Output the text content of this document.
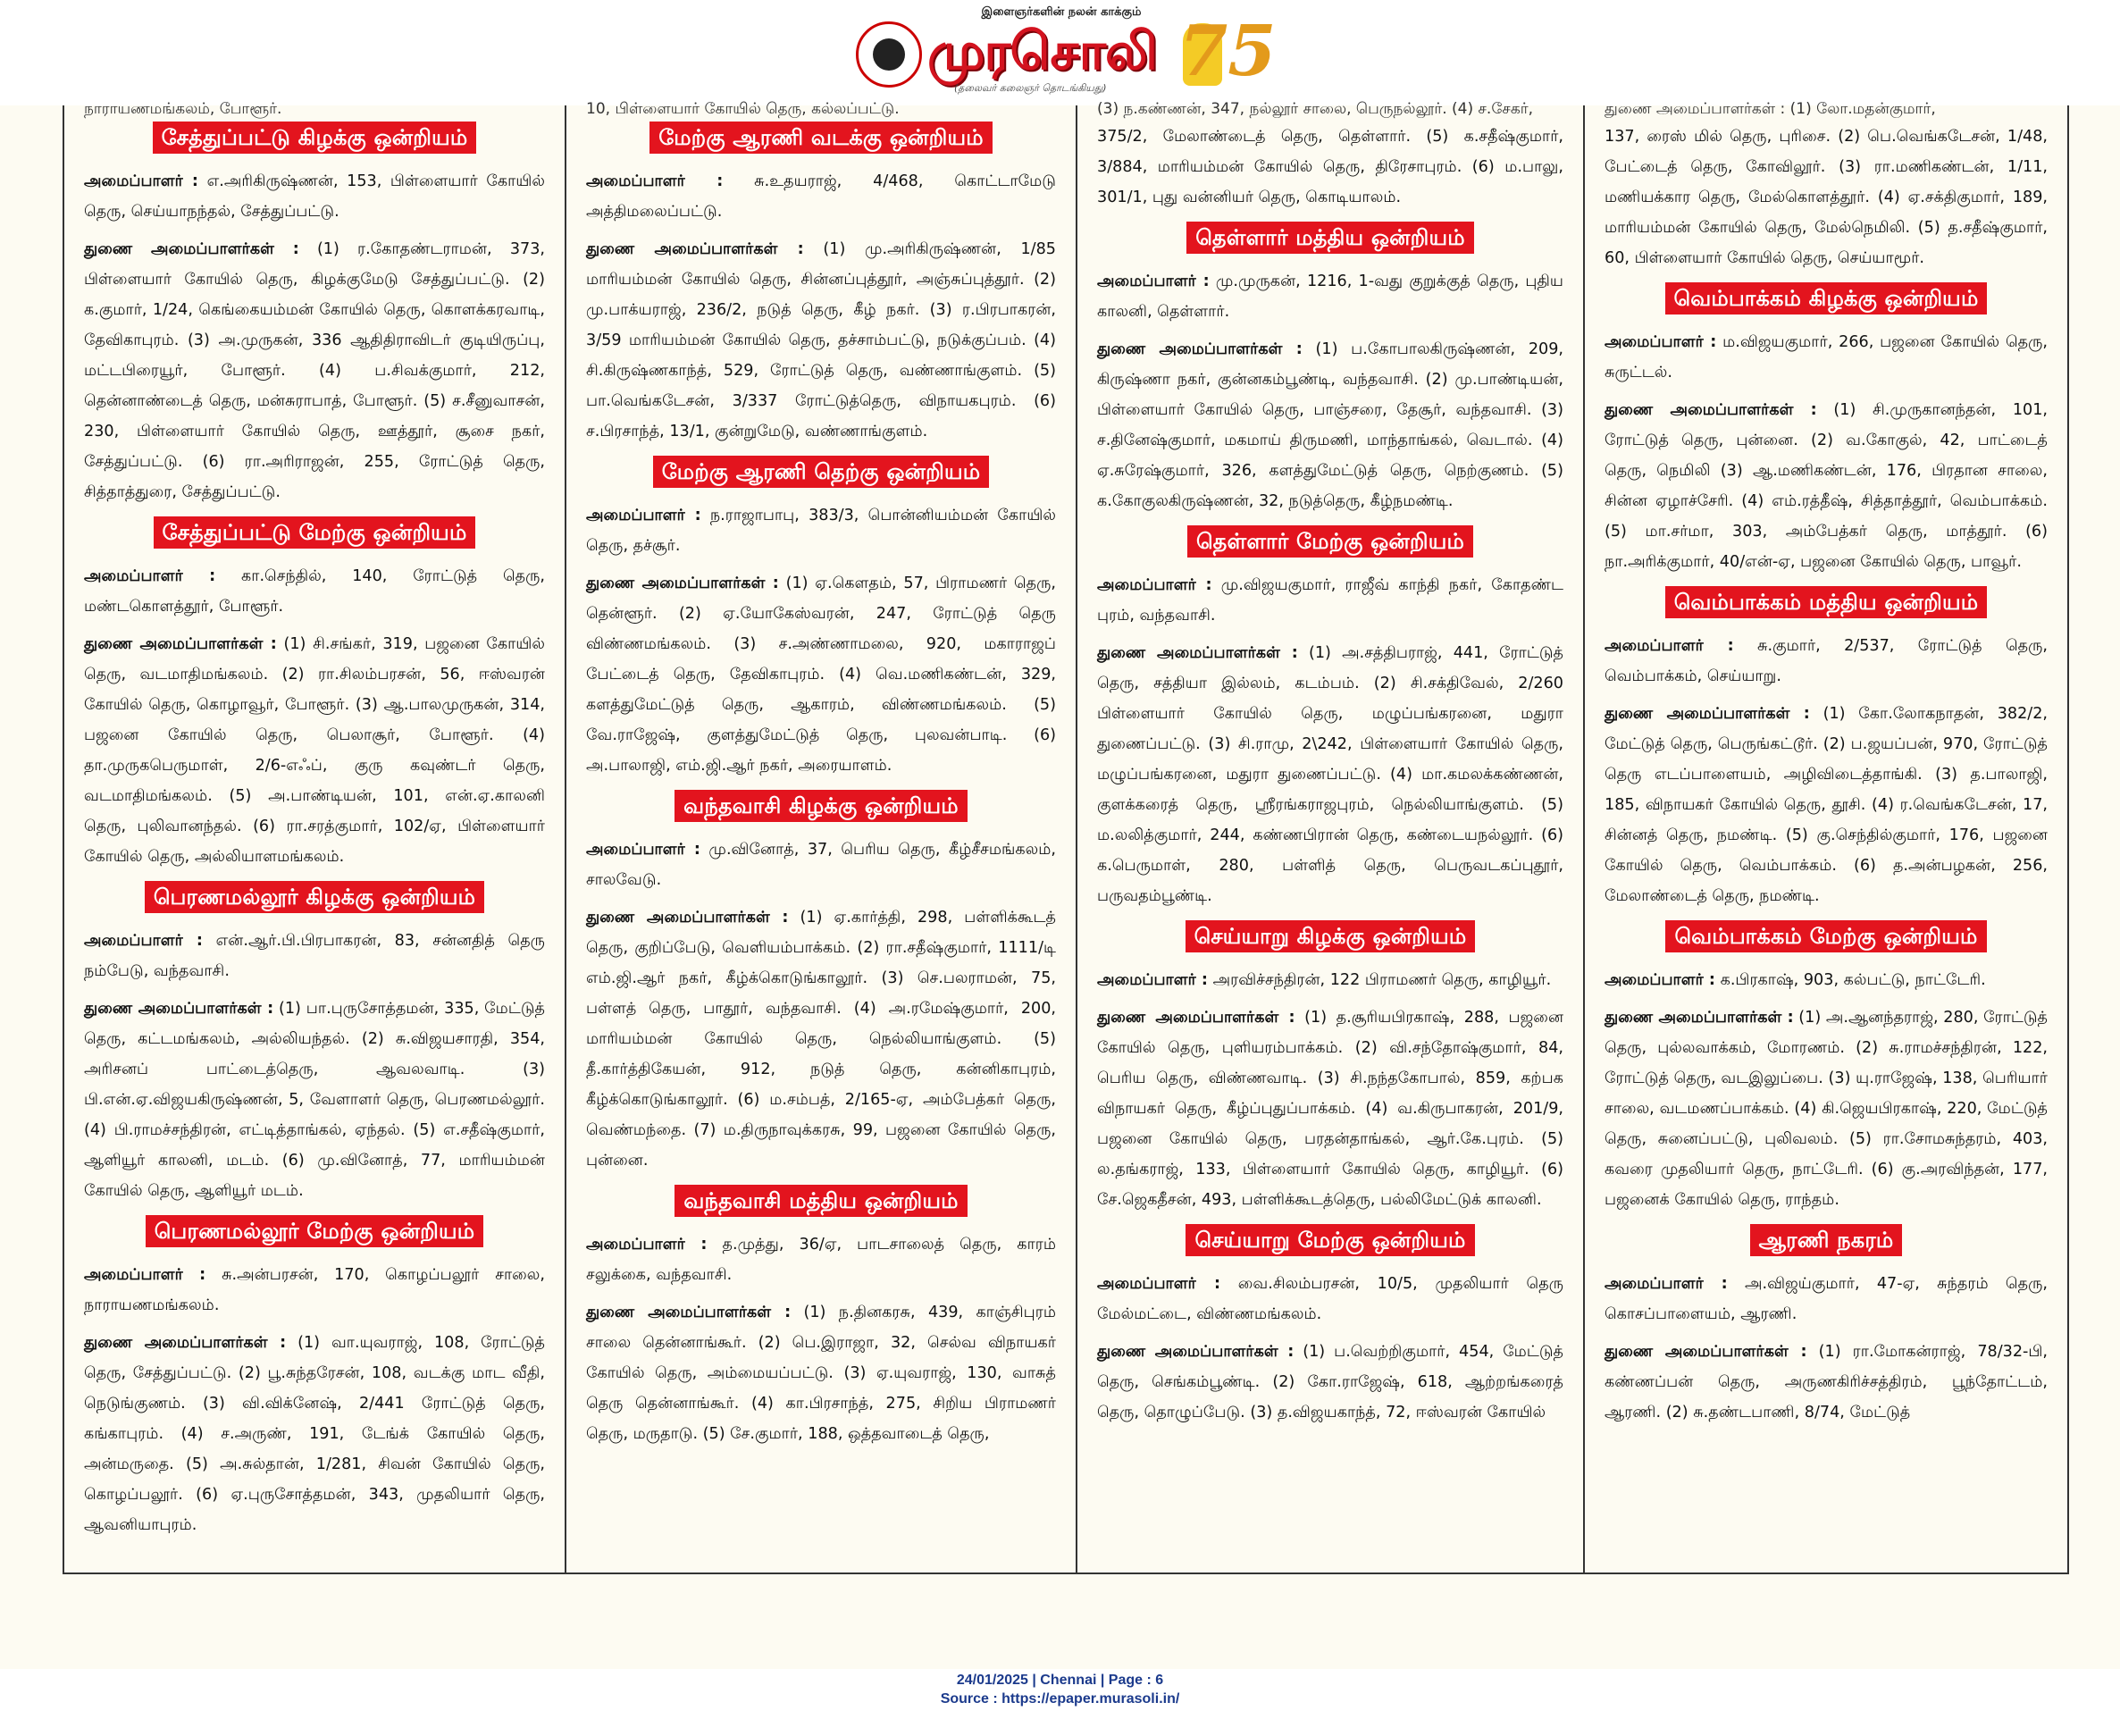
இளைஞர்களின் நலன் காக்கும்
முரசொலி
(தலைவர் கலைஞர் தொடங்கியது) 75
நாராயணமங்கலம், போளூர்.
சேத்துப்பட்டு கிழக்கு ஒன்றியம்

அமைப்பாளர் : எ.அரிகிருஷ்ணன், 153, பிள்ளையார் கோயில் தெரு, செய்யாநந்தல், சேத்துப்பட்டு.

துணை அமைப்பாளர்கள் : (1) ர.கோதண்டராமன், 373, பிள்ளையார் கோயில் தெரு, கிழக்குமேடு சேத்துப்பட்டு. (2) க.குமார், 1/24, கெங்கையம்மன் கோயில் தெரு, கொளக்கரவாடி, தேவிகாபுரம். (3) அ.முருகன், 336 ஆதிதிராவிடர் குடியிருப்பு, மட்டபிரையூர், போளூர். (4) ப.சிவக்குமார், 212, தென்னாண்டைத் தெரு, மன்சுராபாத், போளூர். (5) ச.சீனுவாசன், 230, பிள்ளையார் கோயில் தெரு, ஊத்தூர், சூசை நகர், சேத்துப்பட்டு. (6) ரா.அரிராஜன், 255, ரோட்டுத் தெரு, சித்தாத்துரை, சேத்துப்பட்டு.

சேத்துப்பட்டு மேற்கு ஒன்றியம்

அமைப்பாளர் : கா.செந்தில், 140, ரோட்டுத் தெரு, மண்டகொளத்தூர், போளூர்.

துணை அமைப்பாளர்கள் : (1) சி.சங்கர், 319, பஜனை கோயில் தெரு, வடமாதிமங்கலம். (2) ரா.சிலம்பரசன், 56, ஈஸ்வரன் கோயில் தெரு, கொழாவூர், போளூர். (3) ஆ.பாலமுருகன், 314, பஜனை கோயில் தெரு, பெலாசூர், போளூர். (4) தா.முருகபெருமாள், 2/6-எஃப், குரு கவுண்டர் தெரு, வடமாதிமங்கலம். (5) அ.பாண்டியன், 101, என்.ஏ.காலனி தெரு, புலிவானந்தல். (6) ரா.சரத்குமார், 102/ஏ, பிள்ளையார் கோயில் தெரு, அல்லியாளமங்கலம்.

பெரணமல்லூர் கிழக்கு ஒன்றியம்

அமைப்பாளர் : என்.ஆர்.பி.பிரபாகரன், 83, சன்னதித் தெரு நம்பேடு, வந்தவாசி.

துணை அமைப்பாளர்கள் : (1) பா.புருசோத்தமன், 335, மேட்டுத் தெரு, கட்டமங்கலம், அல்லியந்தல். (2) சு.விஜயசாரதி, 354, அரிசனப் பாட்டைத்தெரு, ஆவலவாடி. (3) பி.என்.ஏ.விஜயகிருஷ்ணன், 5, வேளாளர் தெரு, பெரணமல்லூர். (4) பி.ராமச்சந்திரன், எட்டித்தாங்கல், ஏந்தல். (5) எ.சதீஷ்குமார், ஆளியூர் காலனி, மடம். (6) மு.வினோத், 77, மாரியம்மன் கோயில் தெரு, ஆளியூர் மடம்.

பெரணமல்லூர் மேற்கு ஒன்றியம்

அமைப்பாளர் : சு.அன்பரசன், 170, கொழப்பலூர் சாலை, நாராயணமங்கலம்.

துணை அமைப்பாளர்கள் : (1) வா.யுவராஜ், 108, ரோட்டுத் தெரு, சேத்துப்பட்டு. (2) பூ.சுந்தரேசன், 108, வடக்கு மாட வீதி, நெடுங்குணம். (3) வி.விக்னேஷ், 2/441 ரோட்டுத் தெரு, கங்காபுரம். (4) ச.அருண், 191, டேங்க் கோயில் தெரு, அன்மருதை. (5) அ.சுல்தான், 1/281, சிவன் கோயில் தெரு, கொழப்பலூர். (6) ஏ.புருசோத்தமன், 343, முதலியார் தெரு, ஆவனியாபுரம்.

10, பிள்ளையார் கோயில் தெரு, கல்லப்பட்டு.
மேற்கு ஆரணி வடக்கு ஒன்றியம்

அமைப்பாளர் : சு.உதயராஜ், 4/468, கொட்டாமேடு அத்திமலைப்பட்டு.

துணை அமைப்பாளர்கள் : (1) மு.அரிகிருஷ்ணன், 1/85 மாரியம்மன் கோயில் தெரு, சின்னப்புத்தூர், அஞ்சுப்புத்தூர். (2) மு.பாக்யராஜ், 236/2, நடுத் தெரு, கீழ் நகர். (3) ர.பிரபாகரன், 3/59 மாரியம்மன் கோயில் தெரு, தச்சாம்பட்டு, நடுக்குப்பம். (4) சி.கிருஷ்ணகாந்த், 529, ரோட்டுத் தெரு, வண்ணாங்குளம். (5) பா.வெங்கடேசன், 3/337 ரோட்டுத்தெரு, விநாயகபுரம். (6) ச.பிரசாந்த், 13/1, குன்றுமேடு, வண்ணாங்குளம்.

மேற்கு ஆரணி தெற்கு ஒன்றியம்

அமைப்பாளர் : ந.ராஜாபாபு, 383/3, பொன்னியம்மன் கோயில் தெரு, தச்சூர்.

துணை அமைப்பாளர்கள் : (1) ஏ.கௌதம், 57, பிராமணர் தெரு, தென்ளூர். (2) ஏ.யோகேஸ்வரன், 247, ரோட்டுத் தெரு விண்ணமங்கலம். (3) ச.அண்ணாமலை, 920, மகாராஜப் பேட்டைத் தெரு, தேவிகாபுரம். (4) வெ.மணிகண்டன், 329, களத்துமேட்டுத் தெரு, ஆகாரம், விண்ணமங்கலம். (5) வே.ராஜேஷ், குளத்துமேட்டுத் தெரு, புலவன்பாடி. (6) அ.பாலாஜி, எம்.ஜி.ஆர் நகர், அரையாளம்.

வந்தவாசி கிழக்கு ஒன்றியம்

அமைப்பாளர் : மு.வினோத், 37, பெரிய தெரு, கீழ்சீசமங்கலம், சாலவேடு.

துணை அமைப்பாளர்கள் : (1) ஏ.கார்த்தி, 298, பள்ளிக்கூடத் தெரு, குறிப்பேடு, வெளியம்பாக்கம். (2) ரா.சதீஷ்குமார், 1111/டி எம்.ஜி.ஆர் நகர், கீழ்க்கொடுங்காலூர். (3) செ.பலராமன், 75, பள்ளத் தெரு, பாதூர், வந்தவாசி. (4) அ.ரமேஷ்குமார், 200, மாரியம்மன் கோயில் தெரு, நெல்லியாங்குளம். (5) தீ.கார்த்திகேயன், 912, நடுத் தெரு, கன்னிகாபுரம், கீழ்க்கொடுங்காலூர். (6) ம.சம்பத், 2/165-ஏ, அம்பேத்கர் தெரு, வெண்மந்தை. (7) ம.திருநாவுக்கரசு, 99, பஜனை கோயில் தெரு, புன்னை.

வந்தவாசி மத்திய ஒன்றியம்

அமைப்பாளர் : த.முத்து, 36/ஏ, பாடசாலைத் தெரு, காரம் சலுக்கை, வந்தவாசி.

துணை அமைப்பாளர்கள் : (1) ந.தினகரசு, 439, காஞ்சிபுரம் சாலை தென்னாங்கூர். (2) பெ.இராஜா, 32, செல்வ விநாயகர் கோயில் தெரு, அம்மையப்பட்டு. (3) ஏ.யுவராஜ், 130, வாசுத் தெரு தென்னாங்கூர். (4) கா.பிரசாந்த், 275, சிறிய பிராமணர் தெரு, மருதாடு. (5) சே.குமார், 188, ஒத்தவாடைத் தெரு,

(3) ந.கண்ணன், 347, நல்லூர் சாலை, பெருநல்லூர். (4) ச.சேகர்,

375/2, மேலாண்டைத் தெரு, தெள்ளார். (5) க.சதீஷ்குமார், 3/884, மாரியம்மன் கோயில் தெரு, திரேசாபுரம். (6) ம.பாலு, 301/1, புது வன்னியர் தெரு, கொடியாலம்.

தெள்ளார் மத்திய ஒன்றியம்

அமைப்பாளர் : மு.முருகன், 1216, 1-வது குறுக்குத் தெரு, புதிய காலனி, தெள்ளார்.

துணை அமைப்பாளர்கள் : (1) ப.கோபாலகிருஷ்ணன், 209, கிருஷ்ணா நகர், குன்னகம்பூண்டி, வந்தவாசி. (2) மு.பாண்டியன், பிள்ளையார் கோயில் தெரு, பாஞ்சரை, தேசூர், வந்தவாசி. (3) ச.தினேஷ்குமார், மகமாய் திருமணி, மாந்தாங்கல், வெடால். (4) ஏ.சுரேஷ்குமார், 326, களத்துமேட்டுத் தெரு, நெற்குணம். (5) க.கோகுலகிருஷ்ணன், 32, நடுத்தெரு, கீழ்நமண்டி.

தெள்ளார் மேற்கு ஒன்றியம்

அமைப்பாளர் : மு.விஜயகுமார், ராஜீவ் காந்தி நகர், கோதண்ட புரம், வந்தவாசி.

துணை அமைப்பாளர்கள் : (1) அ.சத்திபராஜ், 441, ரோட்டுத் தெரு, சத்தியா இல்லம், கடம்பம். (2) சி.சக்திவேல், 2/260 பிள்ளையார் கோயில் தெரு, மழுப்பங்கரனை, மதுரா துணைப்பட்டு. (3) சி.ராமு, 2\242, பிள்ளையார் கோயில் தெரு, மழுப்பங்கரனை, மதுரா துணைப்பட்டு. (4) மா.கமலக்கண்ணன், குளக்கரைத் தெரு, ஸ்ரீரங்கராஜபுரம், நெல்லியாங்குளம். (5) ம.லலித்குமார், 244, கண்ணபிரான் தெரு, கண்டையநல்லூர். (6) க.பெருமாள், 280, பள்ளித் தெரு, பெருவடகப்புதூர், பருவதம்பூண்டி.

செய்யாறு கிழக்கு ஒன்றியம்

அமைப்பாளர் : அரவிச்சந்திரன், 122 பிராமணர் தெரு, காழியூர்.

துணை அமைப்பாளர்கள் : (1) த.சூரியபிரகாஷ், 288, பஜனை கோயில் தெரு, புளியரம்பாக்கம். (2) வி.சந்தோஷ்குமார், 84, பெரிய தெரு, விண்ணவாடி. (3) சி.நந்தகோபால், 859, கற்பக விநாயகர் தெரு, கீழ்ப்புதுப்பாக்கம். (4) வ.கிருபாகரன், 201/9, பஜனை கோயில் தெரு, பரதன்தாங்கல், ஆர்.கே.புரம். (5) ல.தங்கராஜ், 133, பிள்ளையார் கோயில் தெரு, காழியூர். (6) சே.ஜெகதீசன், 493, பள்ளிக்கூடத்தெரு, பல்லிமேட்டுக் காலனி.

செய்யாறு மேற்கு ஒன்றியம்

அமைப்பாளர் : வை.சிலம்பரசன், 10/5, முதலியார் தெரு மேல்மட்டை, விண்ணமங்கலம்.

துணை அமைப்பாளர்கள் : (1) ப.வெற்றிகுமார், 454, மேட்டுத் தெரு, செங்கம்பூண்டி. (2) கோ.ராஜேஷ், 618, ஆற்றங்கரைத் தெரு, தொழுப்பேடு. (3) த.விஜயகாந்த், 72, ஈஸ்வரன் கோயில்

துணை அமைப்பாளர்கள் : (1) லோ.மதன்குமார்,

137, ரைஸ் மில் தெரு, புரிசை. (2) பெ.வெங்கடேசன், 1/48, பேட்டைத் தெரு, கோவிலூர். (3) ரா.மணிகண்டன், 1/11, மணியக்கார தெரு, மேல்கொளத்தூர். (4) ஏ.சக்திகுமார், 189, மாரியம்மன் கோயில் தெரு, மேல்நெமிலி. (5) த.சதீஷ்குமார், 60, பிள்ளையார் கோயில் தெரு, செய்யாமூர்.

வெம்பாக்கம் கிழக்கு ஒன்றியம்

அமைப்பாளர் : ம.விஜயகுமார், 266, பஜனை கோயில் தெரு, சுருட்டல்.

துணை அமைப்பாளர்கள் : (1) சி.முருகானந்தன், 101, ரோட்டுத் தெரு, புன்னை. (2) வ.கோகுல், 42, பாட்டைத் தெரு, நெமிலி (3) ஆ.மணிகண்டன், 176, பிரதான சாலை, சின்ன ஏழாச்சேரி. (4) எம்.ரத்தீஷ், சித்தாத்தூர், வெம்பாக்கம். (5) மா.சர்மா, 303, அம்பேத்கர் தெரு, மாத்தூர். (6) நா.அரிக்குமார், 40/என்-ஏ, பஜனை கோயில் தெரு, பாவூர்.

வெம்பாக்கம் மத்திய ஒன்றியம்

அமைப்பாளர் : சு.குமார், 2/537, ரோட்டுத் தெரு, வெம்பாக்கம், செய்யாறு.

துணை அமைப்பாளர்கள் : (1) கோ.லோகநாதன், 382/2, மேட்டுத் தெரு, பெருங்கட்டூர். (2) ப.ஜயப்பன், 970, ரோட்டுத் தெரு எடப்பாளையம், அழிவிடைத்தாங்கி. (3) த.பாலாஜி, 185, விநாயகர் கோயில் தெரு, தூசி. (4) ர.வெங்கடேசன், 17, சின்னத் தெரு, நமண்டி. (5) கு.செந்தில்குமார், 176, பஜனை கோயில் தெரு, வெம்பாக்கம். (6) த.அன்பழகன், 256, மேலாண்டைத் தெரு, நமண்டி.

வெம்பாக்கம் மேற்கு ஒன்றியம்

அமைப்பாளர் : க.பிரகாஷ், 903, கல்பட்டு, நாட்டேரி.

துணை அமைப்பாளர்கள் : (1) அ.ஆனந்தராஜ், 280, ரோட்டுத் தெரு, புல்லவாக்கம், மோரணம். (2) சு.ராமச்சந்திரன், 122, ரோட்டுத் தெரு, வடஇலுப்பை. (3) யு.ராஜேஷ், 138, பெரியார் சாலை, வடமணப்பாக்கம். (4) கி.ஜெயபிரகாஷ், 220, மேட்டுத் தெரு, சுனைப்பட்டு, புலிவலம். (5) ரா.சோமசுந்தரம், 403, கவரை முதலியார் தெரு, நாட்டேரி. (6) கு.அரவிந்தன், 177, பஜனைக் கோயில் தெரு, ராந்தம்.

ஆரணி நகரம்

அமைப்பாளர் : அ.விஜய்குமார், 47-ஏ, சுந்தரம் தெரு, கொசப்பாளையம், ஆரணி.

துணை அமைப்பாளர்கள் : (1) ரா.மோகன்ராஜ், 78/32-பி, கண்ணப்பன் தெரு, அருணகிரிச்சத்திரம், பூந்தோட்டம், ஆரணி. (2) சு.தண்டபாணி, 8/74, மேட்டுத்

24/01/2025 | Chennai | Page : 6
Source : https://epaper.murasoli.in/
